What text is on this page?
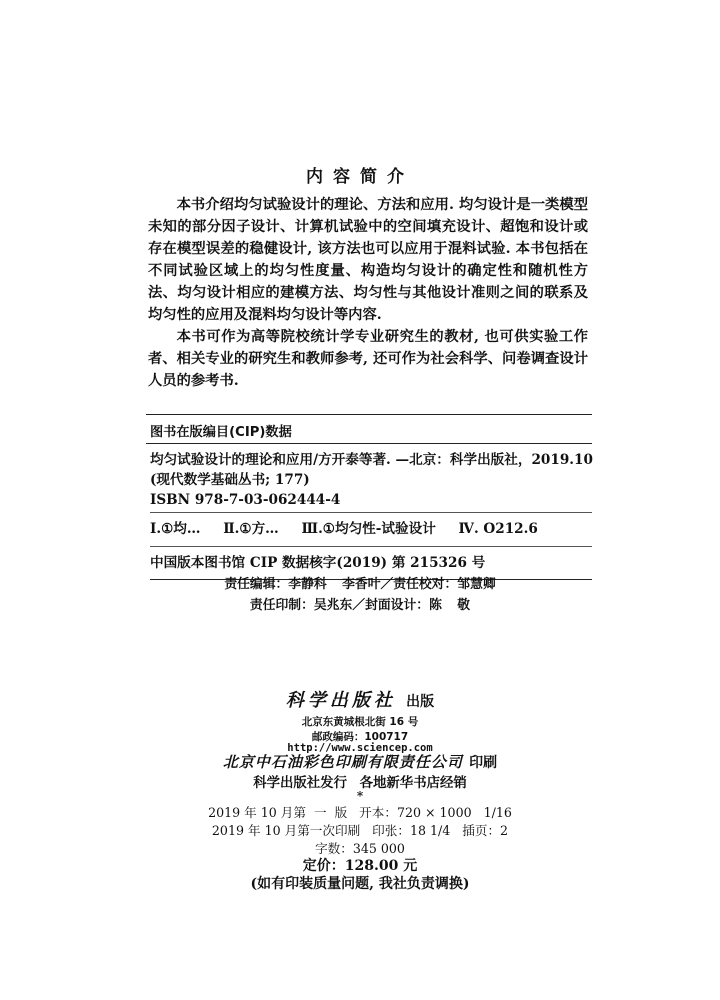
内容简介

本书介绍均匀试验设计的理论、方法和应用. 均匀设计是一类模型未知的部分因子设计、计算机试验中的空间填充设计、超饱和设计或存在模型误差的稳健设计, 该方法也可以应用于混料试验. 本书包括在不同试验区域上的均匀性度量、构造均匀设计的确定性和随机性方法、均匀设计相应的建模方法、均匀性与其他设计准则之间的联系及均匀性的应用及混料均匀设计等内容.

本书可作为高等院校统计学专业研究生的教材, 也可供实验工作者、相关专业的研究生和教师参考, 还可作为社会科学、问卷调查设计人员的参考书.

图书在版编目(CIP)数据
均匀试验设计的理论和应用/方开泰等著. —北京：科学出版社，2019.10
(现代数学基础丛书; 177)
ISBN 978-7-03-062444-4
Ⅰ.①均… Ⅱ.①方… Ⅲ.①均匀性-试验设计 Ⅳ. O212.6
中国版本图书馆 CIP 数据核字(2019) 第 215326 号
责任编辑：李静科  李香叶／责任校对：邹慧卿
责任印制：吴兆东／封面设计：陈  敬
科学出版社 出版
北京东黄城根北街 16 号
邮政编码：100717
http://www.sciencep.com
北京中石油彩色印刷有限责任公司 印刷
科学出版社发行 各地新华书店经销
*
2019 年 10 月第  一  版   开本：720 × 1000   1/16
2019 年 10 月第一次印刷   印张：18 1/4   插页：2
字数：345 000
定价：128.00 元
(如有印装质量问题, 我社负责调换)
